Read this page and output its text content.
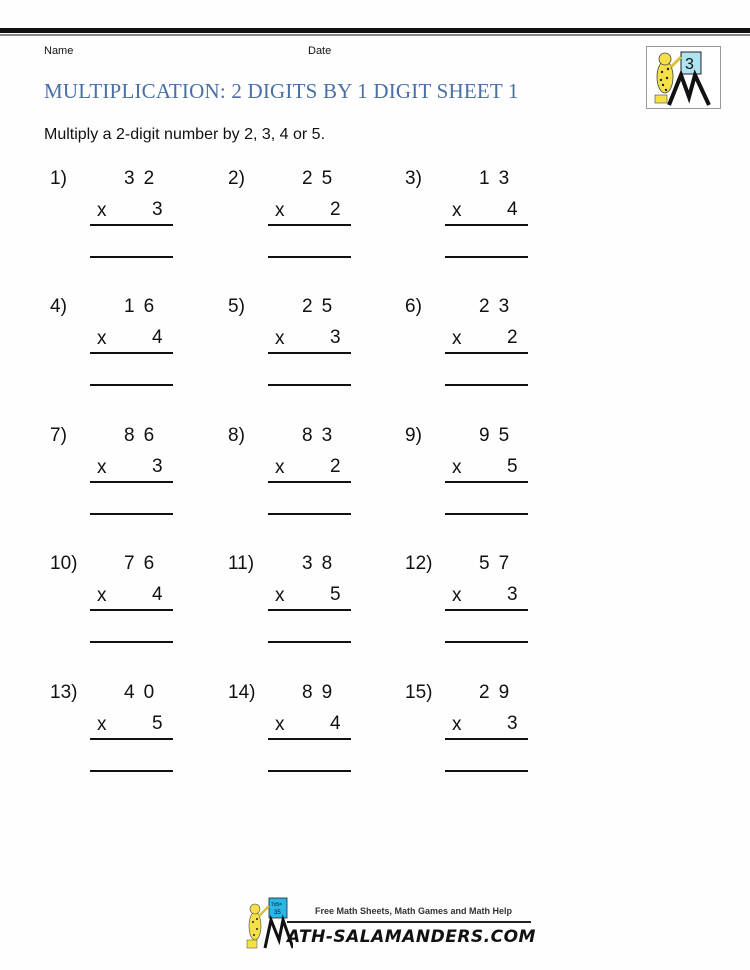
Name	Date
MULTIPLICATION: 2 DIGITS BY 1 DIGIT SHEET 1
Multiply a 2-digit number by 2, 3, 4 or 5.
3
1)	32
x 3
2)	25
x 2
3)	13
x 4
4)	16
x 4
5)	25
x 3
6)	23
x 2
7)	86
x 3
8)	83
x 2
9)	95
x 5
10) 76
x 4
11)	38
x 5
12) 57
x 3
13) 40
x 5
14) 89
x 4
15) 29
x 3
7x5=
35	Free Math Sheets, Math Games and Math Help
ATH-SALAMANDERS.COM
